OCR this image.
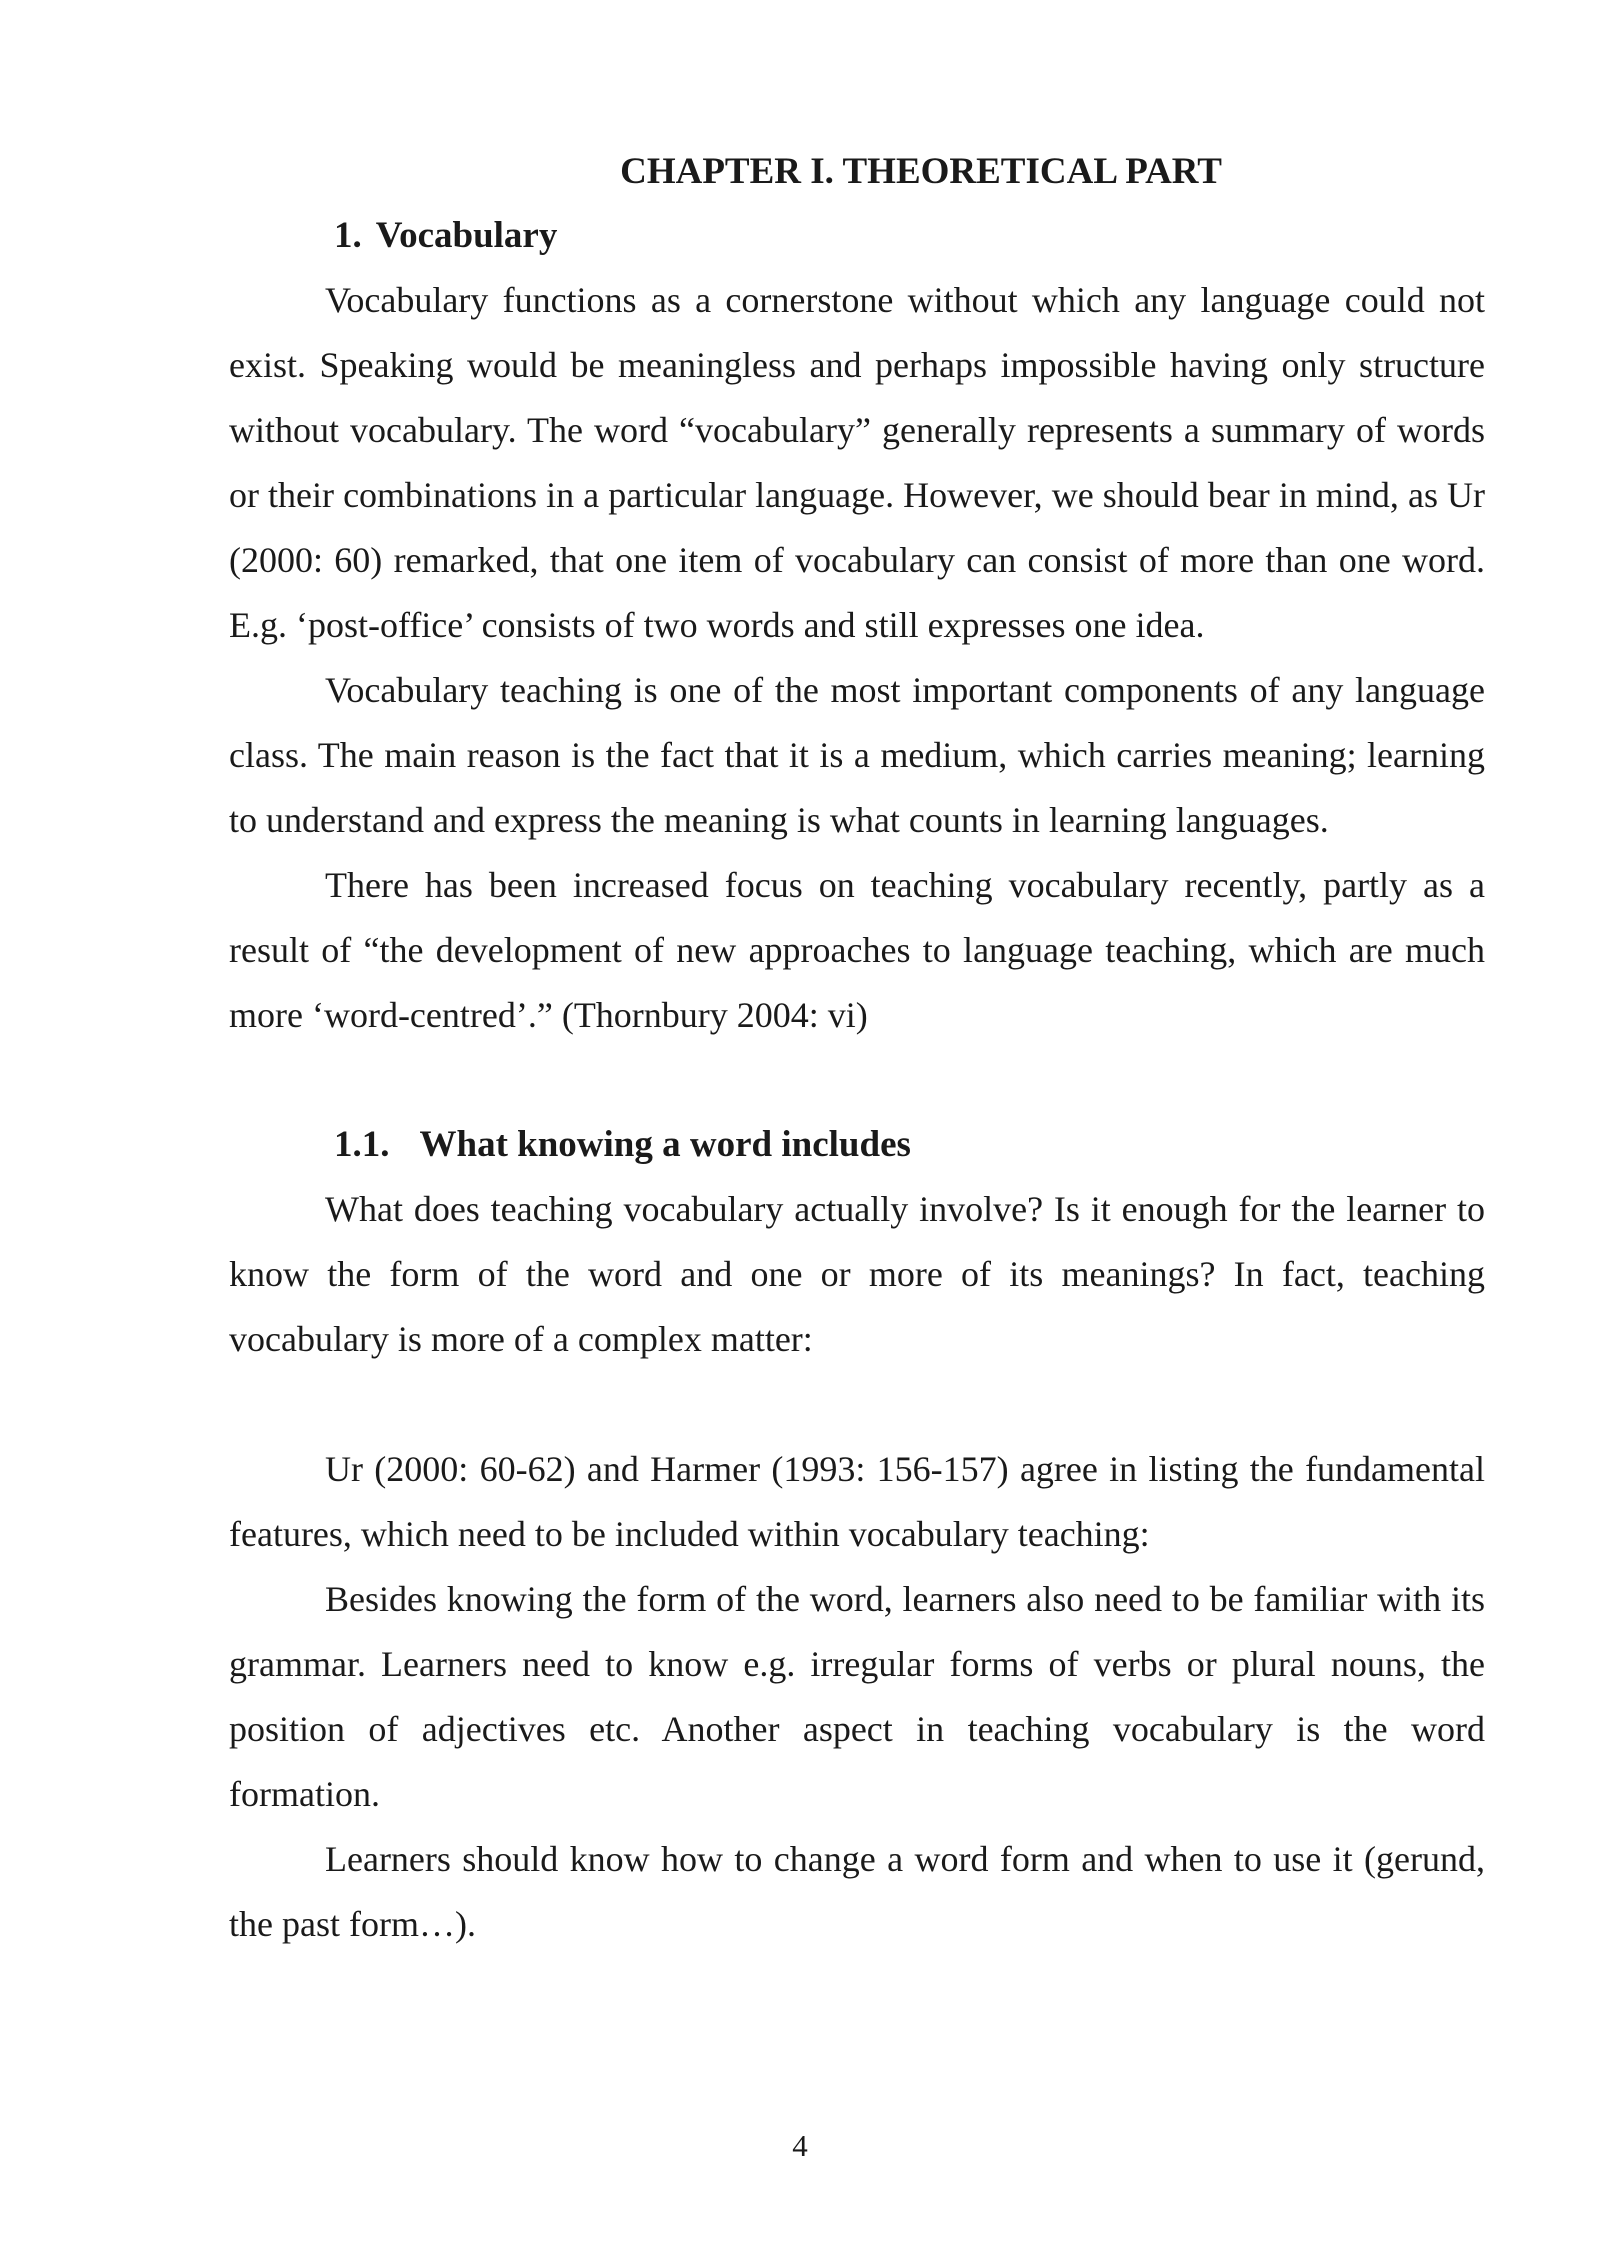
CHAPTER I. THEORETICAL PART
1. Vocabulary

Vocabulary functions as a cornerstone without which any language could not exist. Speaking would be meaningless and perhaps impossible having only structure without vocabulary. The word “vocabulary” generally represents a summary of words or their combinations in a particular language. However, we should bear in mind, as Ur (2000: 60) remarked, that one item of vocabulary can consist of more than one word. E.g. ‘post-office’ consists of two words and still expresses one idea.

Vocabulary teaching is one of the most important components of any language class. The main reason is the fact that it is a medium, which carries meaning; learning to understand and express the meaning is what counts in learning languages.

There has been increased focus on teaching vocabulary recently, partly as a result of “the development of new approaches to language teaching, which are much more ‘word-centred’.” (Thornbury 2004: vi)

1.1. What knowing a word includes

What does teaching vocabulary actually involve? Is it enough for the learner to know the form of the word and one or more of its meanings? In fact, teaching vocabulary is more of a complex matter:

Ur (2000: 60-62) and Harmer (1993: 156-157) agree in listing the fundamental features, which need to be included within vocabulary teaching:

Besides knowing the form of the word, learners also need to be familiar with its grammar. Learners need to know e.g. irregular forms of verbs or plural nouns, the position of adjectives etc. Another aspect in teaching vocabulary is the word formation.

Learners should know how to change a word form and when to use it (gerund, the past form…).

4
